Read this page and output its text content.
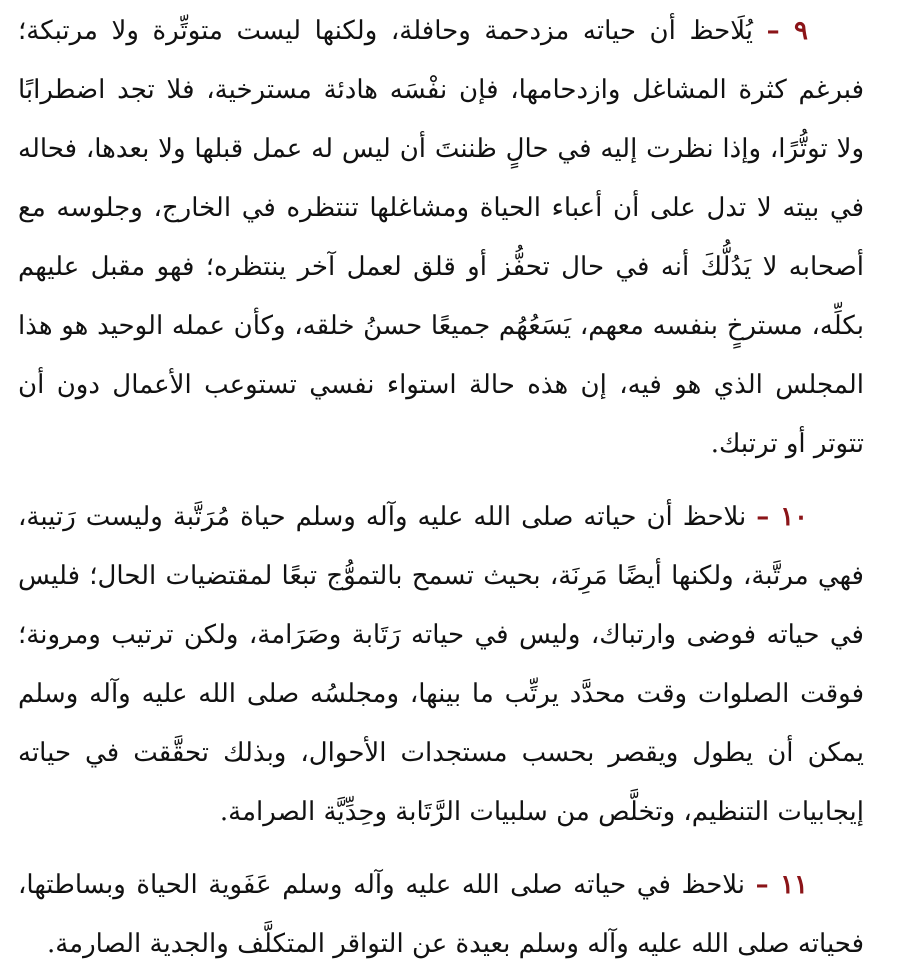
٩ – يُلَاحظ أن حياته مزدحمة وحافلة، ولكنها ليست متوتِّرة ولا مرتبكة؛ فبرغم كثرة المشاغل وازدحامها، فإن نفْسَه هادئة مسترخية، فلا تجد اضطرابًا ولا توتُّرًا، وإذا نظرت إليه في حالٍ ظننتَ أن ليس له عمل قبلها ولا بعدها، فحاله في بيته لا تدل على أن أعباء الحياة ومشاغلها تنتظره في الخارج، وجلوسه مع أصحابه لا يَدُلُّكَ أنه في حال تحفُّز أو قلق لعمل آخر ينتظره؛ فهو مقبل عليهم بكلِّه، مسترخٍ بنفسه معهم، يَسَعُهُم جميعًا حسنُ خلقه، وكأن عمله الوحيد هو هذا المجلس الذي هو فيه، إن هذه حالة استواء نفسي تستوعب الأعمال دون أن تتوتر أو ترتبك.

١٠ – نلاحظ أن حياته صلى الله عليه وآله وسلم حياة مُرَتَّبة وليست رَتيبة، فهي مرتَّبة، ولكنها أيضًا مَرِنَة، بحيث تسمح بالتموُّج تبعًا لمقتضيات الحال؛ فليس في حياته فوضى وارتباك، وليس في حياته رَتَابة وصَرَامة، ولكن ترتيب ومرونة؛ فوقت الصلوات وقت محدَّد يرتِّب ما بينها، ومجلسُه صلى الله عليه وآله وسلم يمكن أن يطول ويقصر بحسب مستجدات الأحوال، وبذلك تحقَّقت في حياته إيجابيات التنظيم، وتخلَّص من سلبيات الرَّتَابة وحِدِّيَّة الصرامة.

١١ – نلاحظ في حياته صلى الله عليه وآله وسلم عَفَوية الحياة وبساطتها، فحياته صلى الله عليه وآله وسلم بعيدة عن التواقر المتكلَّف والجدية الصارمة.
